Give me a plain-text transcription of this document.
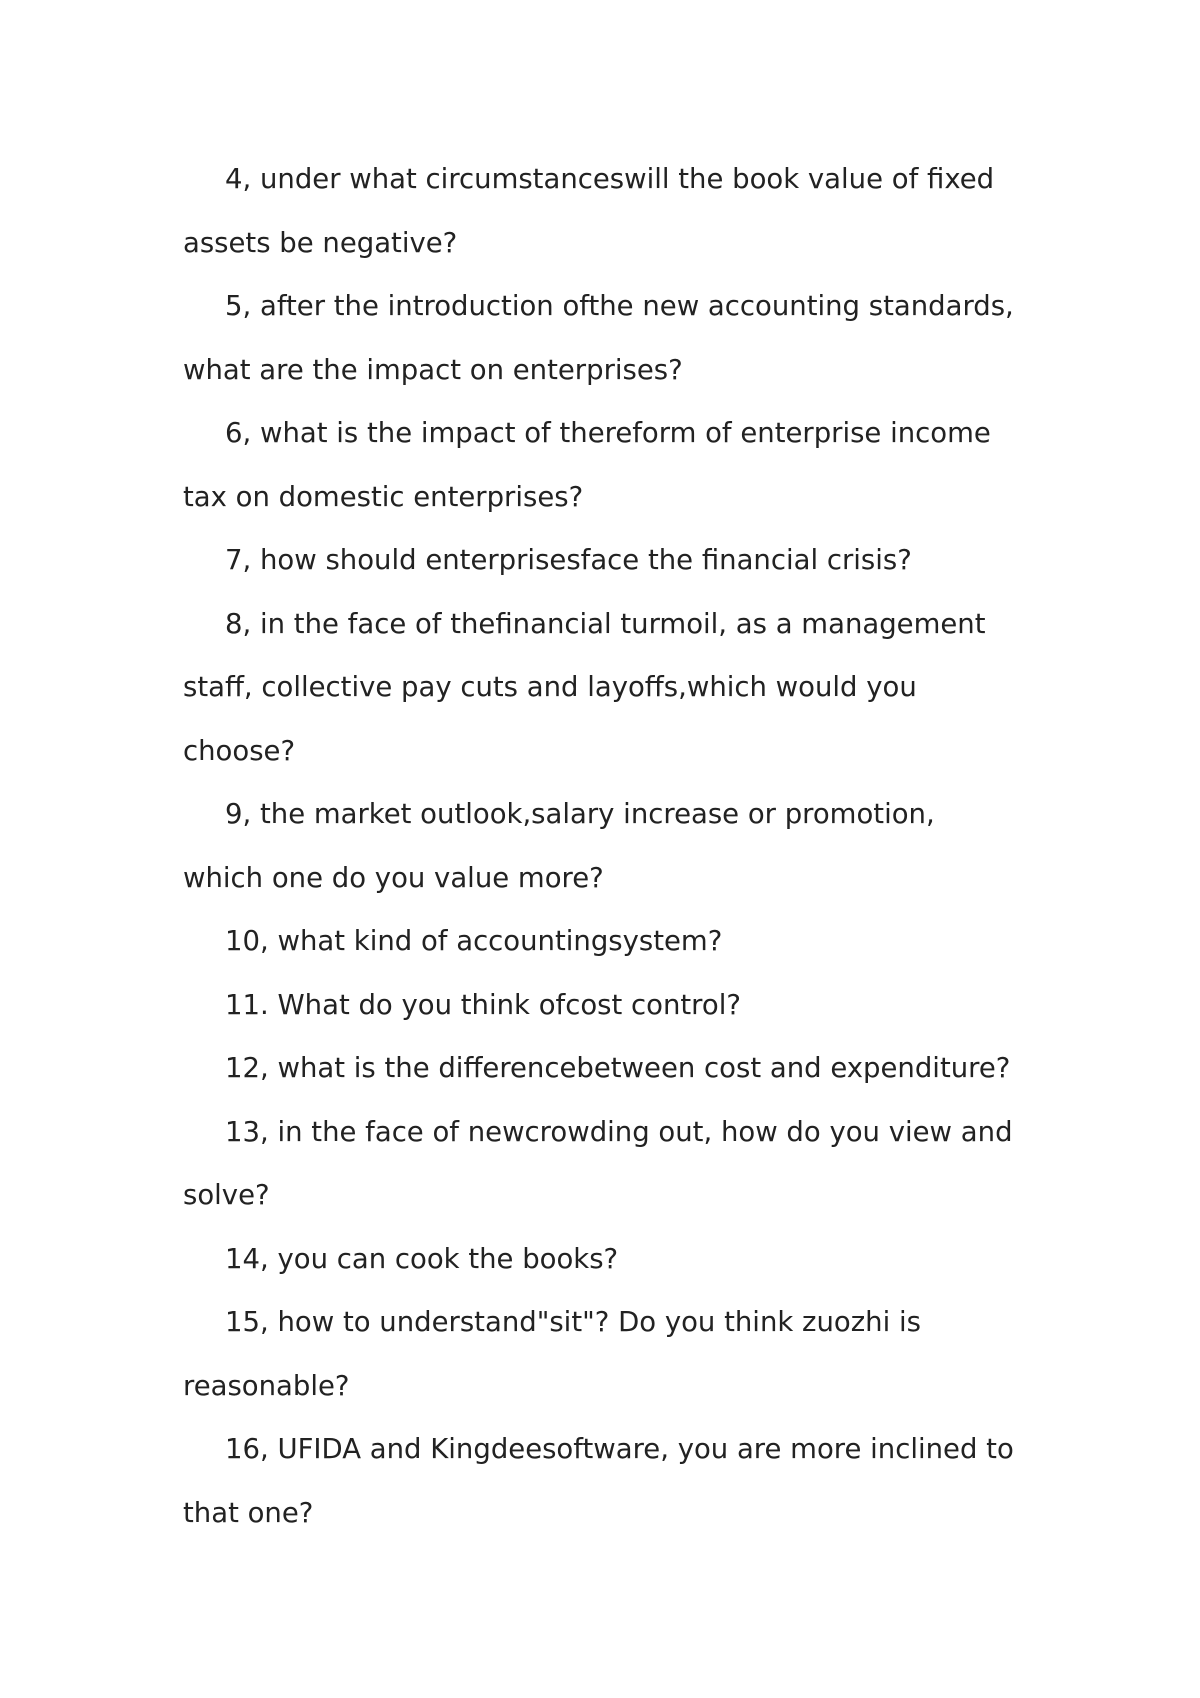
4, under what circumstanceswill the book value of fixed assets be negative?

5, after the introduction ofthe new accounting standards, what are the impact on enterprises?

6, what is the impact of thereform of enterprise income tax on domestic enterprises?

7, how should enterprisesface the financial crisis?

8, in the face of thefinancial turmoil, as a management staff, collective pay cuts and layoffs,which would you choose?

9, the market outlook,salary increase or promotion, which one do you value more?

10, what kind of accountingsystem?

11. What do you think ofcost control?

12, what is the differencebetween cost and expenditure?

13, in the face of newcrowding out, how do you view and solve?

14, you can cook the books?

15, how to understand"sit"? Do you think zuozhi is reasonable?

16, UFIDA and Kingdeesoftware, you are more inclined to that one?
